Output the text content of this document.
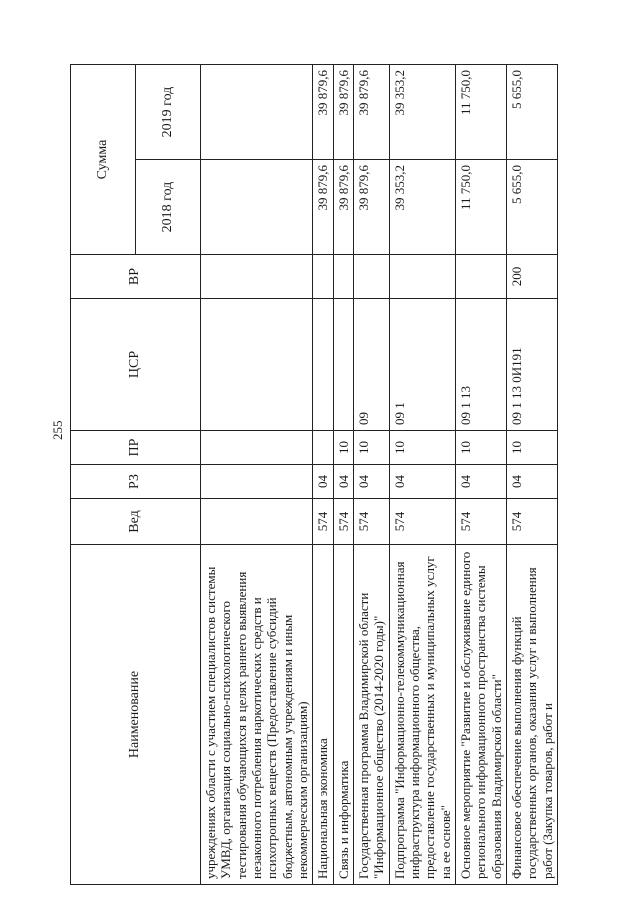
255
Наименование	Вед	РЗ	ПР	ЦСР	ВР	Сумма	
						2018 год	2019 год
учреждениях области с участием специалистов системы УМВД, организация социально-психологического тестирования обучающихся в целях раннего выявления незаконного потребления наркотических средств и психотропных веществ (Предоставление субсидий бюджетным, автономным учреждениям и иным некоммерческим организациям)							
Национальная экономика	574	04				39 879,6	39 879,6
Связь и информатика	574	04	10			39 879,6	39 879,6
Государственная программа Владимирской области "Информационное общество (2014-2020 годы)"	574	04	10	09		39 879,6	39 879,6
Подпрограмма "Информационно-телекоммуникационная инфраструктура информационного общества, предоставление государственных и муниципальных услуг на ее основе"	574	04	10	09 1		39 353,2	39 353,2
Основное мероприятие "Развитие и обслуживание единого регионального информационного пространства системы образования Владимирской области"	574	04	10	09 1 13		11 750,0	11 750,0
Финансовое обеспечение выполнения функций государственных органов, оказания услуг и выполнения работ (Закупка товаров, работ и	574	04	10	09 1 13 0И191	200	5 655,0	5 655,0
